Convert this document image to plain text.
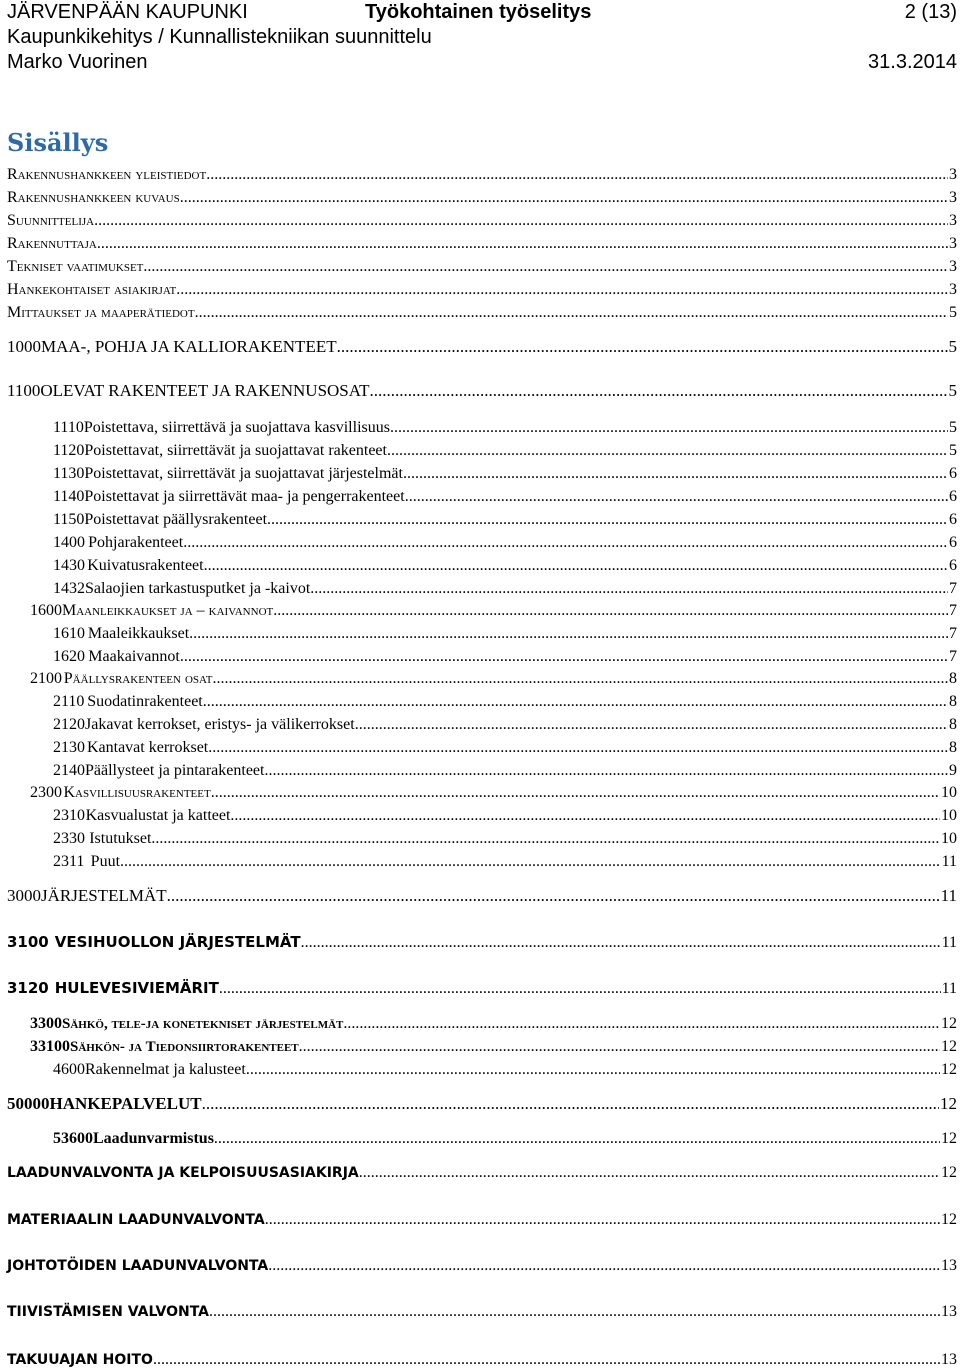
JÄRVENPÄÄN KAUPUNKI	Työkohtainen työselitys	2 (13)
Kaupunkikehitys / Kunnallistekniikan suunnittelu
Marko Vuorinen	31.3.2014
Sisällys
Rakennushankkeen yleistiedot .....	3
Rakennushankkeen kuvaus .....	3
Suunnittelija .....	3
Rakennuttaja .....	3
Tekniset vaatimukset .....	3
Hankekohtaiset asiakirjat .....	3
Mittaukset ja maaperätiedot .....	5
1000 MAA-, POHJA JA KALLIORAKENTEET .....	5
1100 OLEVAT RAKENTEET JA RAKENNUSOSAT .....	5
1110 Poistettava, siirrettävä ja suojattava kasvillisuus .....	5
1120 Poistettavat, siirrettävät ja suojattavat rakenteet .....	5
1130 Poistettavat, siirrettävät ja suojattavat järjestelmät .....	6
1140 Poistettavat ja siirrettävät maa- ja pengerrakenteet .....	6
1150 Poistettavat päällysrakenteet .....	6
1400 Pohjarakenteet .....	6
1430 Kuivatusrakenteet .....	6
1432 Salaojien tarkastusputket ja -kaivot .....	7
1600 Maanleikkaukset ja – kaivannot .....	7
1610 Maaleikkaukset .....	7
1620 Maakaivannot .....	7
2100 Päällysrakenteen osat .....	8
2110 Suodatinrakenteet .....	8
2120 Jakavat kerrokset, eristys- ja välikerrokset .....	8
2130 Kantavat kerrokset .....	8
2140 Päällysteet ja pintarakenteet .....	9
2300 Kasvillisuusrakenteet .....	10
2310 Kasvualustat ja katteet .....	10
2330 Istutukset .....	10
2311 Puut .....	11
3000 JÄRJESTELMÄT .....	11
3100 VESIHUOLLON JÄRJESTELMÄT .....	11
3120 HULEVESIVIEMÄRIT .....	11
3300 Sähkö, tele-ja konetekniset järjestelmät .....	12
33100 Sähkön- ja Tiedonsiirtorakenteet .....	12
4600 Rakennelmat ja kalusteet .....	12
50000 HANKEPALVELUT .....	12
53600 Laadunvarmistus .....	12
LAADUNVALVONTA JA KELPOISUUSASIAKIRJA .....	12
MATERIAALIN LAADUNVALVONTA .....	12
JOHTOTÖIDEN LAADUNVALVONTA .....	13
TIIVISTÄMISEN VALVONTA .....	13
TAKUUAJAN HOITO .....	13
